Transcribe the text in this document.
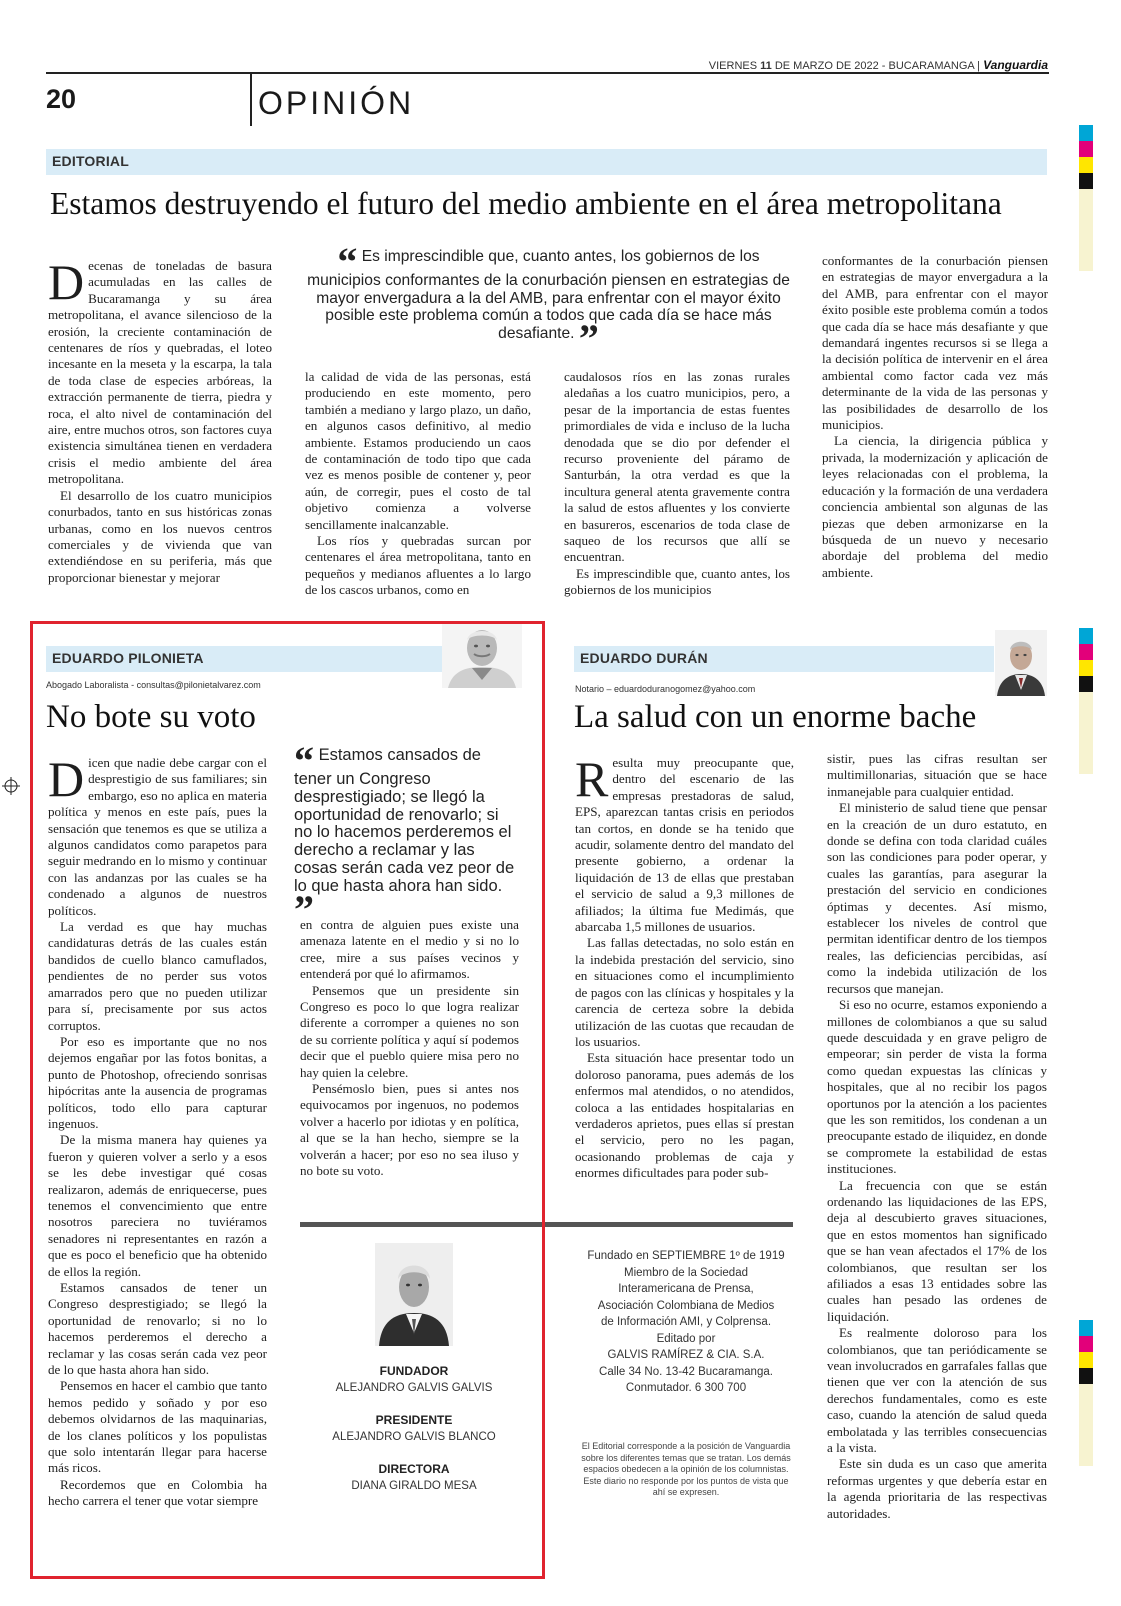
VIERNES 11 DE MARZO DE 2022 - BUCARAMANGA | Vanguardia
20	OPINIÓN
EDITORIAL
Estamos destruyendo el futuro del medio ambiente en el área metropolitana

Decenas de toneladas de basura acumuladas en las calles de Bucaramanga y su área metropolitana, el avance silencioso de la erosión, la creciente contaminación de centenares de ríos y quebradas, el loteo incesante en la meseta y la escarpa, la tala de toda clase de especies arbóreas, la extracción permanente de tierra, piedra y roca, el alto nivel de contaminación del aire, entre muchos otros, son factores cuya existencia simultánea tienen en verdadera crisis el medio ambiente del área metropolitana.

El desarrollo de los cuatro municipios conurbados, tanto en sus históricas zonas urbanas, como en los nuevos centros comerciales y de vivienda que van extendiéndose en su periferia, más que proporcionar bienestar y mejorar

“ Es imprescindible que, cuanto antes, los gobiernos de los municipios conformantes de la conurbación piensen en estrategias de mayor envergadura a la del AMB, para enfrentar con el mayor éxito posible este problema común a todos que cada día se hace más desafiante. ”

la calidad de vida de las personas, está produciendo en este momento, pero también a mediano y largo plazo, un daño, en algunos casos definitivo, al medio ambiente. Estamos produciendo un caos de contaminación de todo tipo que cada vez es menos posible de contener y, peor aún, de corregir, pues el costo de tal objetivo comienza a volverse sencillamente inalcanzable.

Los ríos y quebradas surcan por centenares el área metropolitana, tanto en pequeños y medianos afluentes a lo largo de los cascos urbanos, como en

caudalosos ríos en las zonas rurales aledañas a los cuatro municipios, pero, a pesar de la importancia de estas fuentes primordiales de vida e incluso de la lucha denodada que se dio por defender el recurso proveniente del páramo de Santurbán, la otra verdad es que la incultura general atenta gravemente contra la salud de estos afluentes y los convierte en basureros, escenarios de toda clase de saqueo de los recursos que allí se encuentran.

Es imprescindible que, cuanto antes, los gobiernos de los municipios

conformantes de la conurbación piensen en estrategias de mayor envergadura a la del AMB, para enfrentar con el mayor éxito posible este problema común a todos que cada día se hace más desafiante y que demandará ingentes recursos si se llega a la decisión política de intervenir en el área ambiental como factor cada vez más determinante de la vida de las personas y las posibilidades de desarrollo de los municipios.

La ciencia, la dirigencia pública y privada, la modernización y aplicación de leyes relacionadas con el problema, la educación y la formación de una verdadera conciencia ambiental son algunas de las piezas que deben armonizarse en la búsqueda de un nuevo y necesario abordaje del problema del medio ambiente.

EDUARDO PILONIETA
Abogado Laboralista - consultas@pilonietalvarez.com
No bote su voto

Dicen que nadie debe cargar con el desprestigio de sus familiares; sin embargo, eso no aplica en materia política y menos en este país, pues la sensación que tenemos es que se utiliza a algunos candidatos como parapetos para seguir medrando en lo mismo y continuar con las andanzas por las cuales se ha condenado a algunos de nuestros políticos.

La verdad es que hay muchas candidaturas detrás de las cuales están bandidos de cuello blanco camuflados, pendientes de no perder sus votos amarrados pero que no pueden utilizar para sí, precisamente por sus actos corruptos.

Por eso es importante que no nos dejemos engañar por las fotos bonitas, a punto de Photoshop, ofreciendo sonrisas hipócritas ante la ausencia de programas políticos, todo ello para capturar ingenuos.

De la misma manera hay quienes ya fueron y quieren volver a serlo y a esos se les debe investigar qué cosas realizaron, además de enriquecerse, pues tenemos el convencimiento que entre nosotros pareciera no tuviéramos senadores ni representantes en razón a que es poco el beneficio que ha obtenido de ellos la región.

Estamos cansados de tener un Congreso desprestigiado; se llegó la oportunidad de renovarlo; si no lo hacemos perderemos el derecho a reclamar y las cosas serán cada vez peor de lo que hasta ahora han sido.

Pensemos en hacer el cambio que tanto hemos pedido y soñado y por eso debemos olvidarnos de las maquinarias, de los clanes políticos y los populistas que solo intentarán llegar para hacerse más ricos.

Recordemos que en Colombia ha hecho carrera el tener que votar siempre

“ Estamos cansados de tener un Congreso desprestigiado; se llegó la oportunidad de renovarlo; si no lo hacemos perderemos el derecho a reclamar y las cosas serán cada vez peor de lo que hasta ahora han sido. ”

en contra de alguien pues existe una amenaza latente en el medio y si no lo cree, mire a sus países vecinos y entenderá por qué lo afirmamos.

Pensemos que un presidente sin Congreso es poco lo que logra realizar diferente a corromper a quienes no son de su corriente política y aquí sí podemos decir que el pueblo quiere misa pero no hay quien la celebre.

Pensémoslo bien, pues si antes nos equivocamos por ingenuos, no podemos volver a hacerlo por idiotas y en política, al que se la han hecho, siempre se la volverán a hacer; por eso no sea iluso y no bote su voto.

EDUARDO DURÁN
Notario – eduardoduranogomez@yahoo.com
La salud con un enorme bache

Resulta muy preocupante que, dentro del escenario de las empresas prestadoras de salud, EPS, aparezcan tantas crisis en periodos tan cortos, en donde se ha tenido que acudir, solamente dentro del mandato del presente gobierno, a ordenar la liquidación de 13 de ellas que prestaban el servicio de salud a 9,3 millones de afiliados; la última fue Medimás, que abarcaba 1,5 millones de usuarios.

Las fallas detectadas, no solo están en la indebida prestación del servicio, sino en situaciones como el incumplimiento de pagos con las clínicas y hospitales y la carencia de certeza sobre la debida utilización de las cuotas que recaudan de los usuarios.

Esta situación hace presentar todo un doloroso panorama, pues además de los enfermos mal atendidos, o no atendidos, coloca a las entidades hospitalarias en verdaderos aprietos, pues ellas sí prestan el servicio, pero no les pagan, ocasionando problemas de caja y enormes dificultades para poder sub-

sistir, pues las cifras resultan ser multimillonarias, situación que se hace inmanejable para cualquier entidad.

El ministerio de salud tiene que pensar en la creación de un duro estatuto, en donde se defina con toda claridad cuáles son las condiciones para poder operar, y cuales las garantías, para asegurar la prestación del servicio en condiciones óptimas y decentes. Así mismo, establecer los niveles de control que permitan identificar dentro de los tiempos reales, las deficiencias percibidas, así como la indebida utilización de los recursos que manejan.

Si eso no ocurre, estamos exponiendo a millones de colombianos a que su salud quede descuidada y en grave peligro de empeorar; sin perder de vista la forma como quedan expuestas las clínicas y hospitales, que al no recibir los pagos oportunos por la atención a los pacientes que les son remitidos, los condenan a un preocupante estado de iliquidez, en donde se compromete la estabilidad de estas instituciones.

La frecuencia con que se están ordenando las liquidaciones de las EPS, deja al descubierto graves situaciones, que en estos momentos han significado que se han vean afectados el 17% de los colombianos, que resultan ser los afiliados a esas 13 entidades sobre las cuales han pesado las ordenes de liquidación.

Es realmente doloroso para los colombianos, que tan periódicamente se vean involucrados en garrafales fallas que tienen que ver con la atención de sus derechos fundamentales, como es este caso, cuando la atención de salud queda embolatada y las terribles consecuencias a la vista.

Este sin duda es un caso que amerita reformas urgentes y que debería estar en la agenda prioritaria de las respectivas autoridades.

FUNDADOR
ALEJANDRO GALVIS GALVIS
PRESIDENTE
ALEJANDRO GALVIS BLANCO
DIRECTORA
DIANA GIRALDO MESA
Fundado en SEPTIEMBRE 1º de 1919
Miembro de la Sociedad
Interamericana de Prensa,
Asociación Colombiana de Medios
de Información AMI, y Colprensa.
Editado por
GALVIS RAMÍREZ & CIA. S.A.
Calle 34 No. 13-42 Bucaramanga.
Conmutador. 6 300 700
El Editorial corresponde a la posición de Vanguardia sobre los diferentes temas que se tratan. Los demás espacios obedecen a la opinión de los columnistas. Este diario no responde por los puntos de vista que ahí se expresen.
